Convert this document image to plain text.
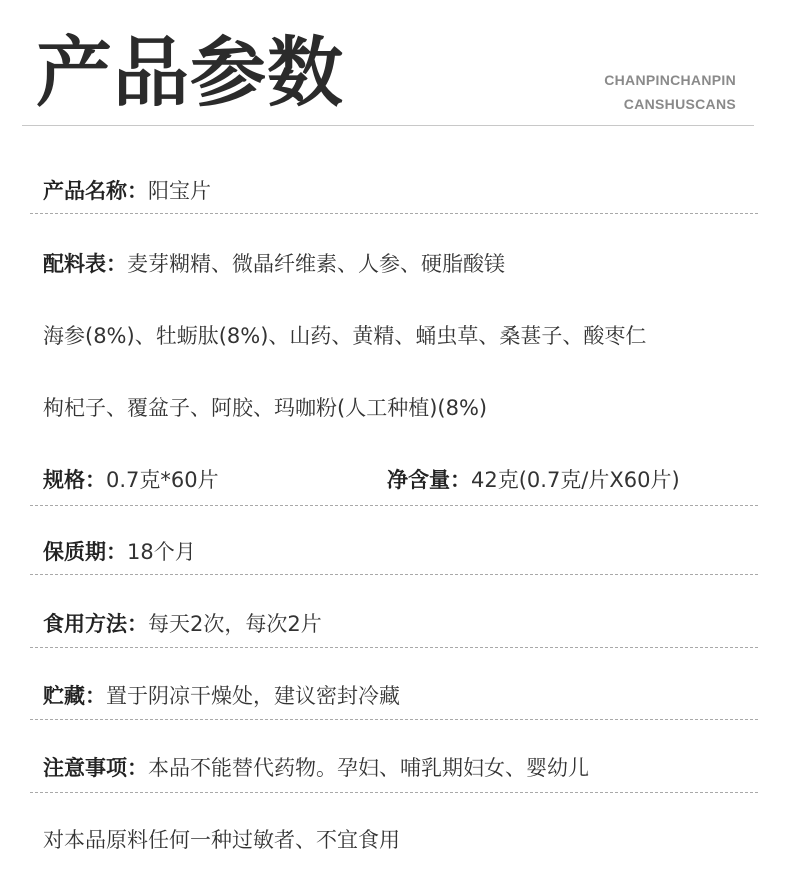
产品参数	CHANPINCHANPIN
CANSHUSCANS
产品名称：阳宝片
配料表：麦芽糊精、微晶纤维素、人参、硬脂酸镁
海参(8%)、牡蛎肽(8%)、山药、黄精、蛹虫草、桑葚子、酸枣仁
枸杞子、覆盆子、阿胶、玛咖粉(人工种植)(8%)
规格：0.7克*60片	净含量：42克(0.7克/片X60片)
保质期：18个月
食用方法：每天2次，每次2片
贮藏：置于阴凉干燥处，建议密封冷藏
注意事项：本品不能替代药物。孕妇、哺乳期妇女、婴幼儿
对本品原料任何一种过敏者、不宜食用
